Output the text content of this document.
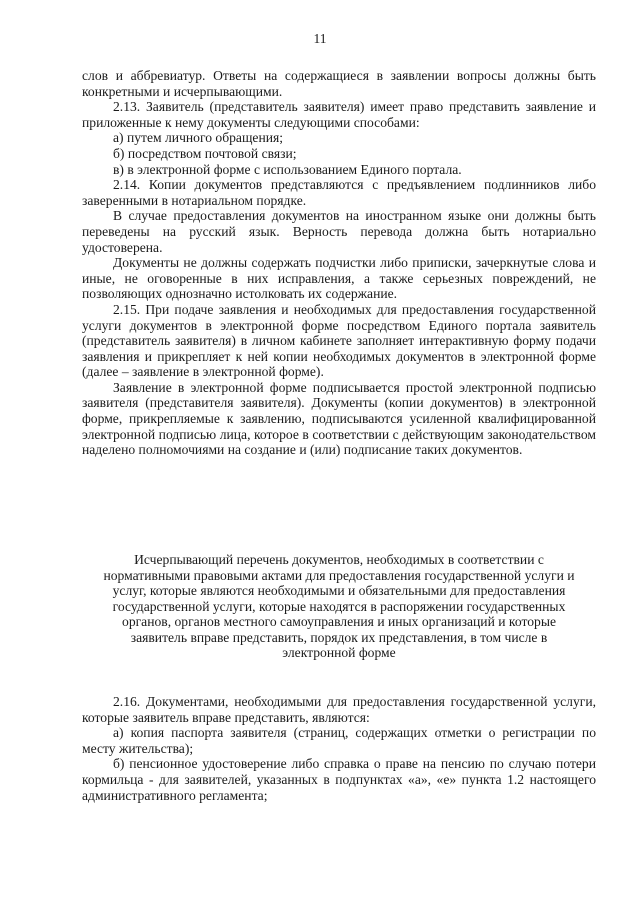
11

слов и аббревиатур. Ответы на содержащиеся в заявлении вопросы должны быть конкретными и исчерпывающими.

2.13. Заявитель (представитель заявителя) имеет право представить заявление и приложенные к нему документы следующими способами:

а) путем личного обращения;

б) посредством почтовой связи;

в) в электронной форме с использованием Единого портала.

2.14. Копии документов представляются с предъявлением подлинников либо заверенными в нотариальном порядке.

В случае предоставления документов на иностранном языке они должны быть переведены на русский язык. Верность перевода должна быть нотариально удостоверена.

Документы не должны содержать подчистки либо приписки, зачеркнутые слова и иные, не оговоренные в них исправления, а также серьезных повреждений, не позволяющих однозначно истолковать их содержание.

2.15. При подаче заявления и необходимых для предоставления государственной услуги документов в электронной форме посредством Единого портала заявитель (представитель заявителя) в личном кабинете заполняет интерактивную форму подачи заявления и прикрепляет к ней копии необходимых документов в электронной форме (далее – заявление в электронной форме).

Заявление в электронной форме подписывается простой электронной подписью заявителя (представителя заявителя). Документы (копии документов) в электронной форме, прикрепляемые к заявлению, подписываются усиленной квалифицированной электронной подписью лица, которое в соответствии с действующим законодательством наделено полномочиями на создание и (или) подписание таких документов.

Исчерпывающий перечень документов, необходимых в соответствии с нормативными правовыми актами для предоставления государственной услуги и услуг, которые являются необходимыми и обязательными для предоставления государственной услуги, которые находятся в распоряжении государственных органов, органов местного самоуправления и иных организаций и которые заявитель вправе представить, порядок их представления, в том числе в электронной форме

2.16. Документами, необходимыми для предоставления государственной услуги, которые заявитель вправе представить, являются:

а) копия паспорта заявителя (страниц, содержащих отметки о регистрации по месту жительства);

б) пенсионное удостоверение либо справка о праве на пенсию по случаю потери кормильца - для заявителей, указанных в подпунктах «а», «е» пункта 1.2 настоящего административного регламента;
